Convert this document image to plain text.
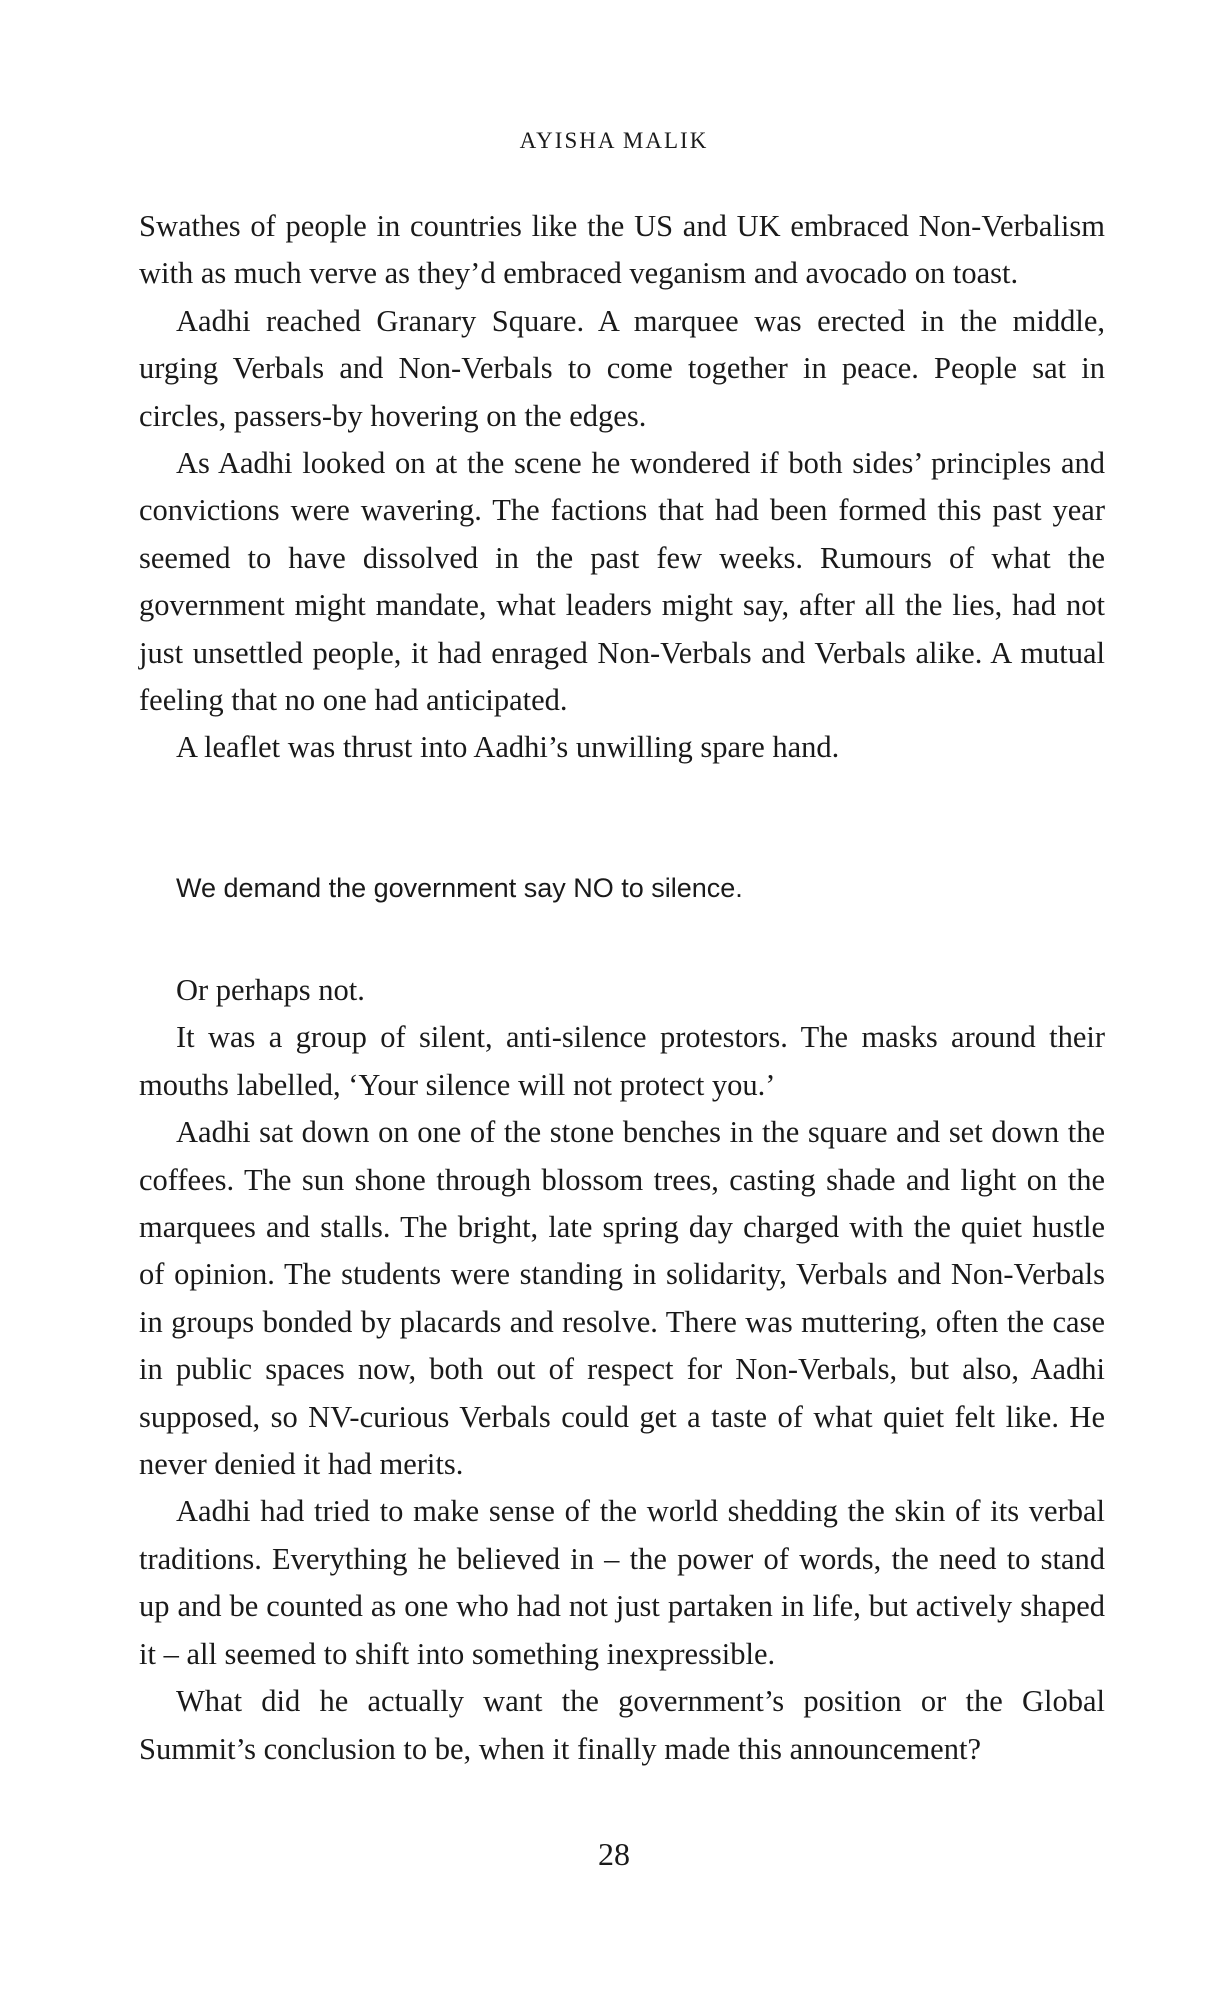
AYISHA MALIK

Swathes of people in countries like the US and UK embraced Non-Verbalism with as much verve as they’d embraced veganism and avocado on toast.

Aadhi reached Granary Square. A marquee was erected in the middle, urging Verbals and Non-Verbals to come together in peace. People sat in circles, passers-by hovering on the edges.

As Aadhi looked on at the scene he wondered if both sides’ principles and convictions were wavering. The factions that had been formed this past year seemed to have dissolved in the past few weeks. Rumours of what the government might mandate, what leaders might say, after all the lies, had not just unsettled people, it had enraged Non-Verbals and Verbals alike. A mutual feeling that no one had anticipated.

A leaflet was thrust into Aadhi’s unwilling spare hand.

We demand the government say NO to silence.

Or perhaps not.

It was a group of silent, anti-silence protestors. The masks around their mouths labelled, ‘Your silence will not protect you.’

Aadhi sat down on one of the stone benches in the square and set down the coffees. The sun shone through blossom trees, casting shade and light on the marquees and stalls. The bright, late spring day charged with the quiet hustle of opinion. The students were standing in solidarity, Verbals and Non-Verbals in groups bonded by placards and resolve. There was muttering, often the case in public spaces now, both out of respect for Non-Verbals, but also, Aadhi supposed, so NV-curious Verbals could get a taste of what quiet felt like. He never denied it had merits.

Aadhi had tried to make sense of the world shedding the skin of its verbal traditions. Everything he believed in – the power of words, the need to stand up and be counted as one who had not just partaken in life, but actively shaped it – all seemed to shift into something inexpressible.

What did he actually want the government’s position or the Global Summit’s conclusion to be, when it finally made this announcement?

28
